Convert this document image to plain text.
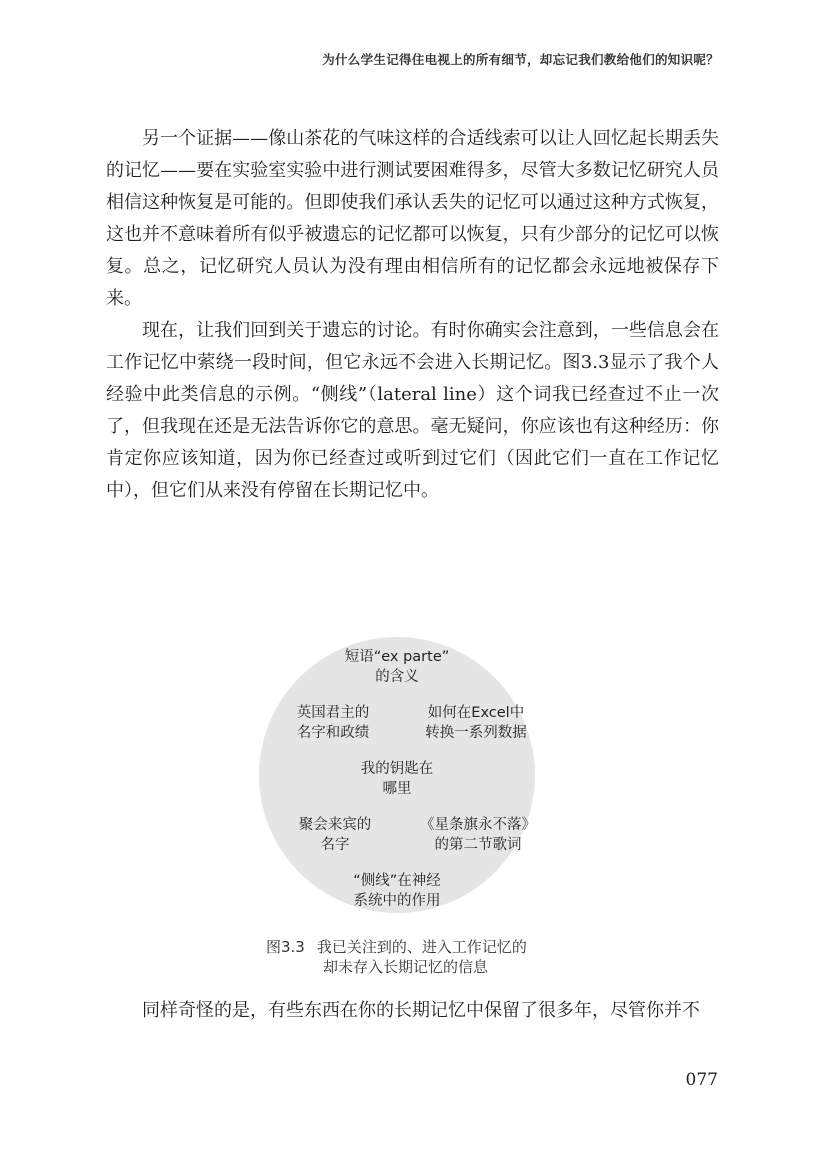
为什么学生记得住电视上的所有细节，却忘记我们教给他们的知识呢？

另一个证据——像山茶花的气味这样的合适线索可以让人回忆起长期丢失的记忆——要在实验室实验中进行测试要困难得多，尽管大多数记忆研究人员相信这种恢复是可能的。但即使我们承认丢失的记忆可以通过这种方式恢复，这也并不意味着所有似乎被遗忘的记忆都可以恢复，只有少部分的记忆可以恢复。总之，记忆研究人员认为没有理由相信所有的记忆都会永远地被保存下来。

现在，让我们回到关于遗忘的讨论。有时你确实会注意到，一些信息会在工作记忆中萦绕一段时间，但它永远不会进入长期记忆。图3.3显示了我个人经验中此类信息的示例。“侧线”（lateral line）这个词我已经查过不止一次了，但我现在还是无法告诉你它的意思。毫无疑问，你应该也有这种经历：你肯定你应该知道，因为你已经查过或听到过它们（因此它们一直在工作记忆中），但它们从来没有停留在长期记忆中。

短语“ex parte”
的含义
英国君主的
名字和政绩
如何在Excel中
转换一系列数据
我的钥匙在
哪里
聚会来宾的
名字
《星条旗永不落》
的第二节歌词
“侧线”在神经
系统中的作用
图3.3 我已关注到的、进入工作记忆的
却未存入长期记忆的信息

同样奇怪的是，有些东西在你的长期记忆中保留了很多年，尽管你并不

077
